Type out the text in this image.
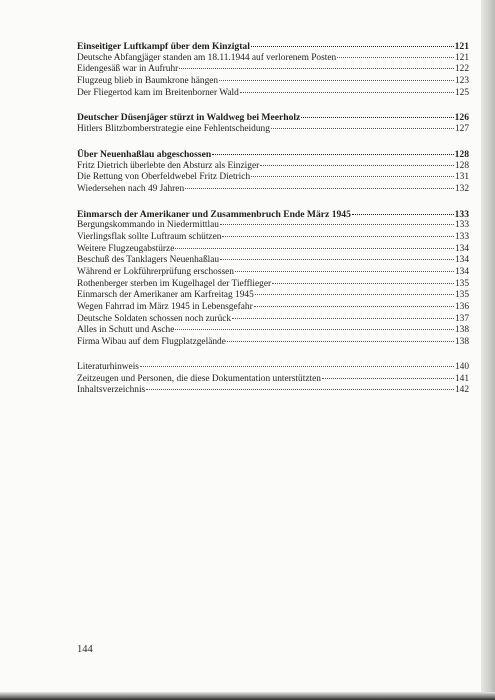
Einseitiger Luftkampf über dem Kinzigtal	121
Deutsche Abfangjäger standen am 18.11.1944 auf verlorenem Posten	121
Eidengesäß war in Aufruhr	122
Flugzeug blieb in Baumkrone hängen	123
Der Fliegertod kam im Breitenborner Wald	125
Deutscher Düsenjäger stürzt in Waldweg bei Meerholz	126
Hitlers Blitzbomberstrategie eine Fehlentscheidung	127
Über Neuenhaßlau abgeschossen	128
Fritz Dietrich überlebte den Absturz als Einziger	128
Die Rettung von Oberfeldwebel Fritz Dietrich	131
Wiedersehen nach 49 Jahren	132
Einmarsch der Amerikaner und Zusammenbruch Ende März 1945	133
Bergungskommando in Niedermittlau	133
Vierlingsflak sollte Luftraum schützen	133
Weitere Flugzeugabstürze	134
Beschuß des Tanklagers Neuenhaßlau	134
Während er Lokführerprüfung erschossen	134
Rothenberger sterben im Kugelhagel der Tiefflieger	135
Einmarsch der Amerikaner am Karfreitag 1945	135
Wegen Fahrrad im März 1945 in Lebensgefahr	136
Deutsche Soldaten schossen noch zurück	137
Alles in Schutt und Asche	138
Firma Wibau auf dem Flugplatzgelände	138
Literaturhinweis	140
Zeitzeugen und Personen, die diese Dokumentation unterstützten	141
Inhaltsverzeichnis	142
144
